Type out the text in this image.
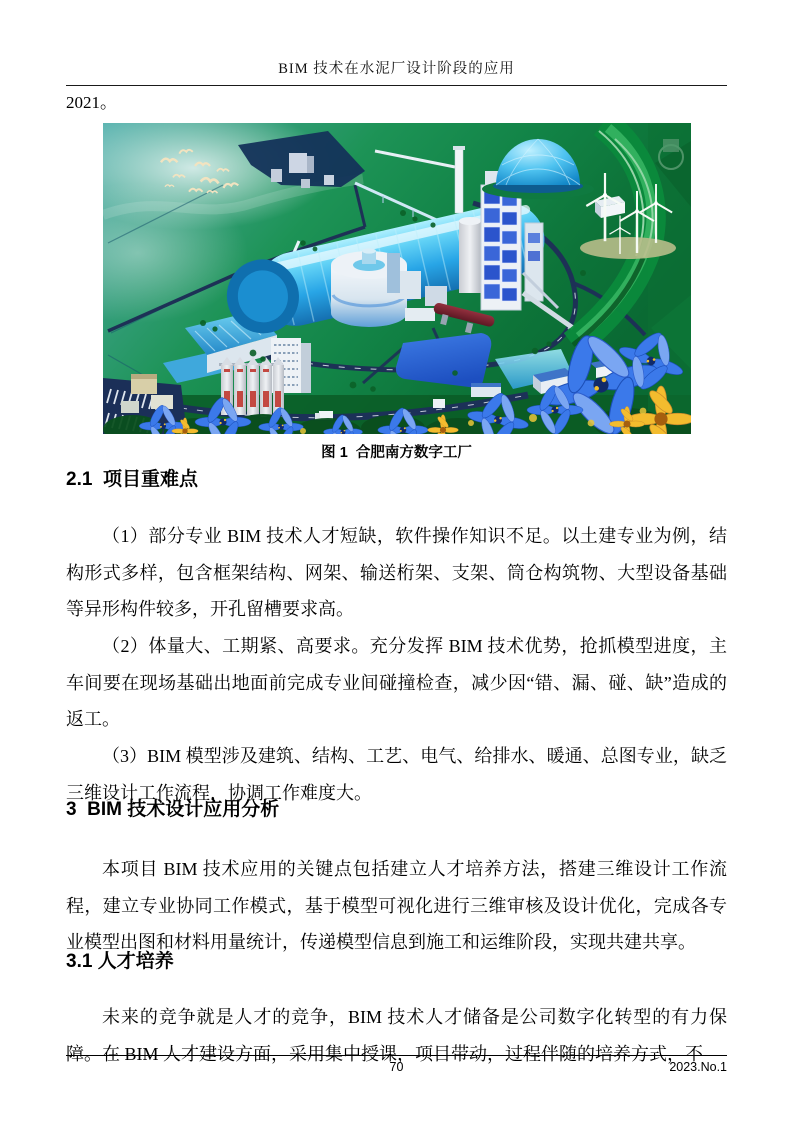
BIM 技术在水泥厂设计阶段的应用
2021。
图 1  合肥南方数字工厂
2.1  项目重难点

（1）部分专业 BIM 技术人才短缺，软件操作知识不足。以土建专业为例，结构形式多样，包含框架结构、网架、输送桁架、支架、筒仓构筑物、大型设备基础等异形构件较多，开孔留槽要求高。

（2）体量大、工期紧、高要求。充分发挥 BIM 技术优势，抢抓模型进度，主车间要在现场基础出地面前完成专业间碰撞检查，减少因“错、漏、碰、缺”造成的返工。

（3）BIM 模型涉及建筑、结构、工艺、电气、给排水、暖通、总图专业，缺乏三维设计工作流程，协调工作难度大。

3  BIM 技术设计应用分析

本项目 BIM 技术应用的关键点包括建立人才培养方法，搭建三维设计工作流程，建立专业协同工作模式，基于模型可视化进行三维审核及设计优化，完成各专业模型出图和材料用量统计，传递模型信息到施工和运维阶段，实现共建共享。

3.1 人才培养

未来的竞争就是人才的竞争，BIM 技术人才储备是公司数字化转型的有力保障。在 BIM 人才建设方面，采用集中授课，项目带动，过程伴随的培养方式，不

70	2023.No.1
